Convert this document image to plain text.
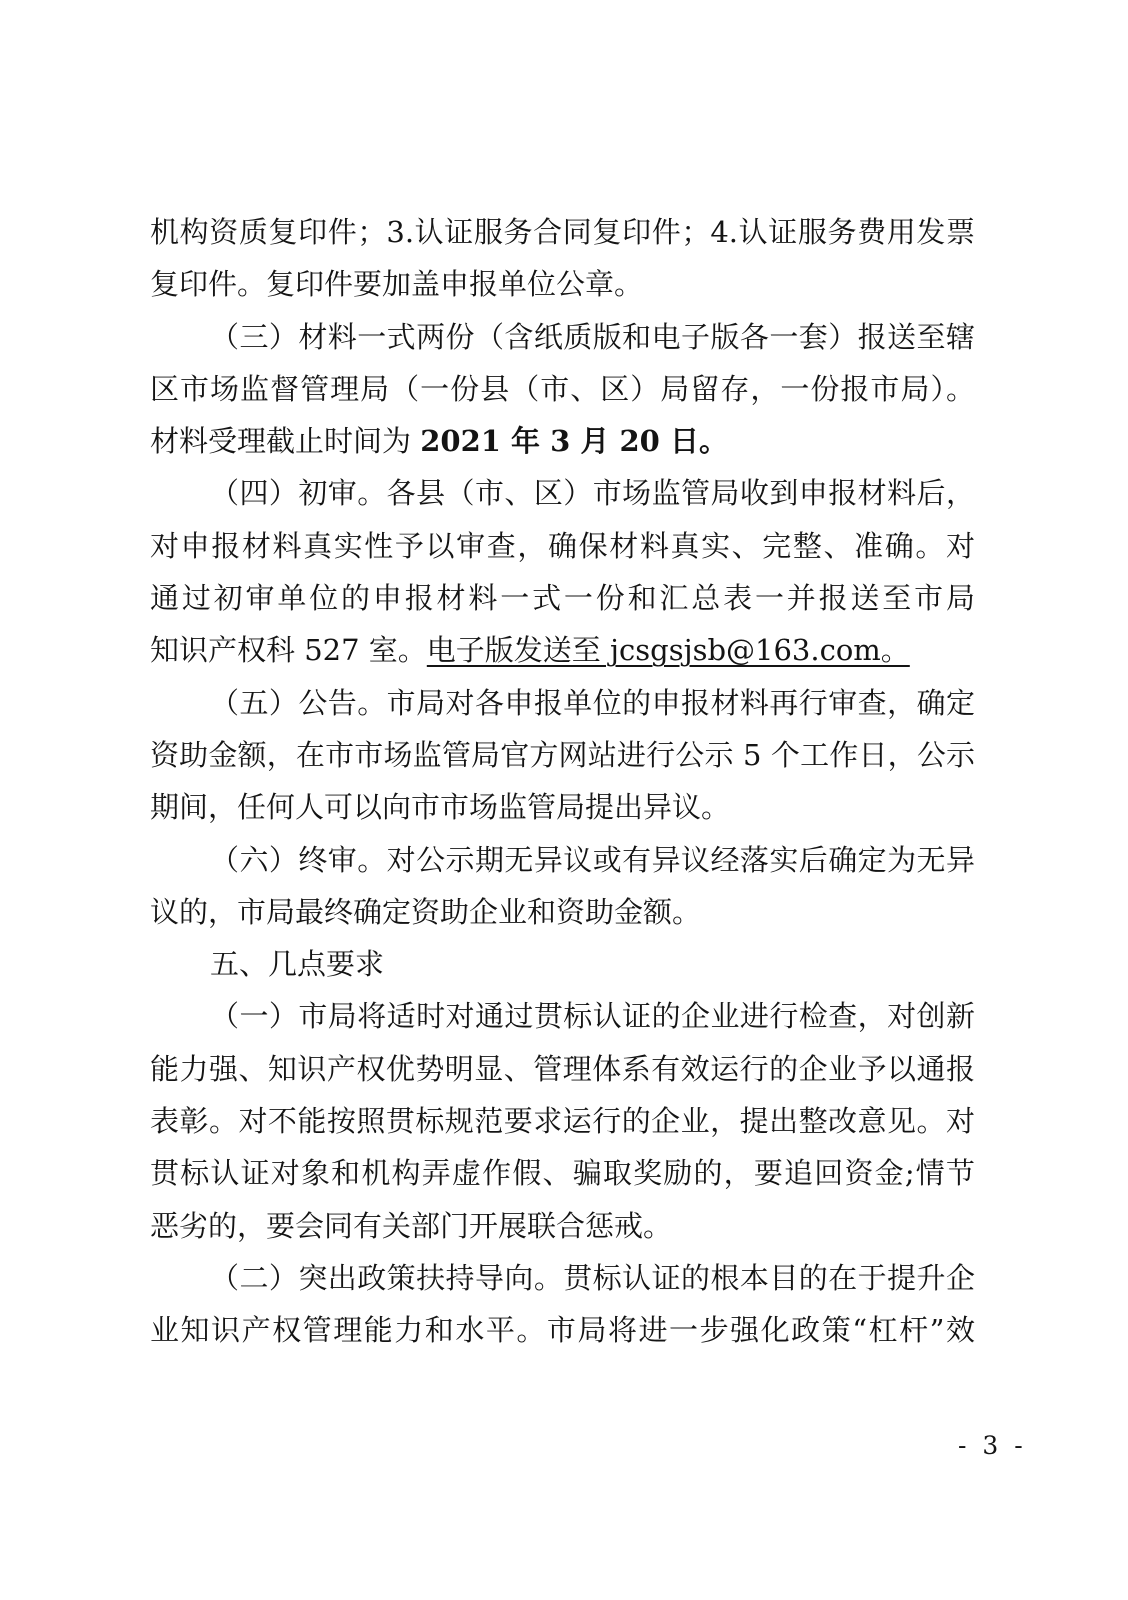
机构资质复印件；3.认证服务合同复印件；4.认证服务费用发票
复印件。复印件要加盖申报单位公章。
（三）材料一式两份（含纸质版和电子版各一套）报送至辖
区市场监督管理局（一份县（市、区）局留存，一份报市局）。
材料受理截止时间为 2021 年 3 月 20 日。
（四）初审。各县（市、区）市场监管局收到申报材料后，
对申报材料真实性予以审查，确保材料真实、完整、准确。对
通过初审单位的申报材料一式一份和汇总表一并报送至市局
知识产权科 527 室。电子版发送至 jcsgsjsb@163.com。
（五）公告。市局对各申报单位的申报材料再行审查，确定
资助金额，在市市场监管局官方网站进行公示 5 个工作日，公示
期间，任何人可以向市市场监管局提出异议。
（六）终审。对公示期无异议或有异议经落实后确定为无异
议的，市局最终确定资助企业和资助金额。
五、几点要求
（一）市局将适时对通过贯标认证的企业进行检查，对创新
能力强、知识产权优势明显、管理体系有效运行的企业予以通报
表彰。对不能按照贯标规范要求运行的企业，提出整改意见。对
贯标认证对象和机构弄虚作假、骗取奖励的，要追回资金;情节
恶劣的，要会同有关部门开展联合惩戒。
（二）突出政策扶持导向。贯标认证的根本目的在于提升企
业知识产权管理能力和水平。市局将进一步强化政策“杠杆”效
- 3 -
